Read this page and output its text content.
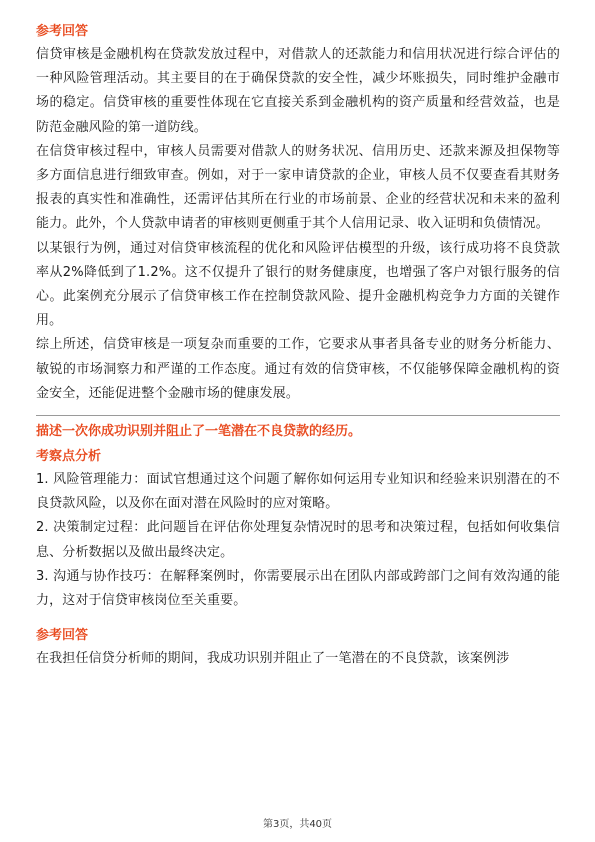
参考回答

信贷审核是金融机构在贷款发放过程中，对借款人的还款能力和信用状况进行综合评估的一种风险管理活动。其主要目的在于确保贷款的安全性，减少坏账损失，同时维护金融市场的稳定。信贷审核的重要性体现在它直接关系到金融机构的资产质量和经营效益，也是防范金融风险的第一道防线。

在信贷审核过程中，审核人员需要对借款人的财务状况、信用历史、还款来源及担保物等多方面信息进行细致审查。例如，对于一家申请贷款的企业，审核人员不仅要查看其财务报表的真实性和准确性，还需评估其所在行业的市场前景、企业的经营状况和未来的盈利能力。此外，个人贷款申请者的审核则更侧重于其个人信用记录、收入证明和负债情况。

以某银行为例，通过对信贷审核流程的优化和风险评估模型的升级，该行成功将不良贷款率从2%降低到了1.2%。这不仅提升了银行的财务健康度，也增强了客户对银行服务的信心。此案例充分展示了信贷审核工作在控制贷款风险、提升金融机构竞争力方面的关键作用。

综上所述，信贷审核是一项复杂而重要的工作，它要求从事者具备专业的财务分析能力、敏锐的市场洞察力和严谨的工作态度。通过有效的信贷审核，不仅能够保障金融机构的资金安全，还能促进整个金融市场的健康发展。

描述一次你成功识别并阻止了一笔潜在不良贷款的经历。
考察点分析

1. 风险管理能力：面试官想通过这个问题了解你如何运用专业知识和经验来识别潜在的不良贷款风险，以及你在面对潜在风险时的应对策略。

2. 决策制定过程：此问题旨在评估你处理复杂情况时的思考和决策过程，包括如何收集信息、分析数据以及做出最终决定。

3. 沟通与协作技巧：在解释案例时，你需要展示出在团队内部或跨部门之间有效沟通的能力，这对于信贷审核岗位至关重要。

参考回答

在我担任信贷分析师的期间，我成功识别并阻止了一笔潜在的不良贷款，该案例涉

第3页，共40页
